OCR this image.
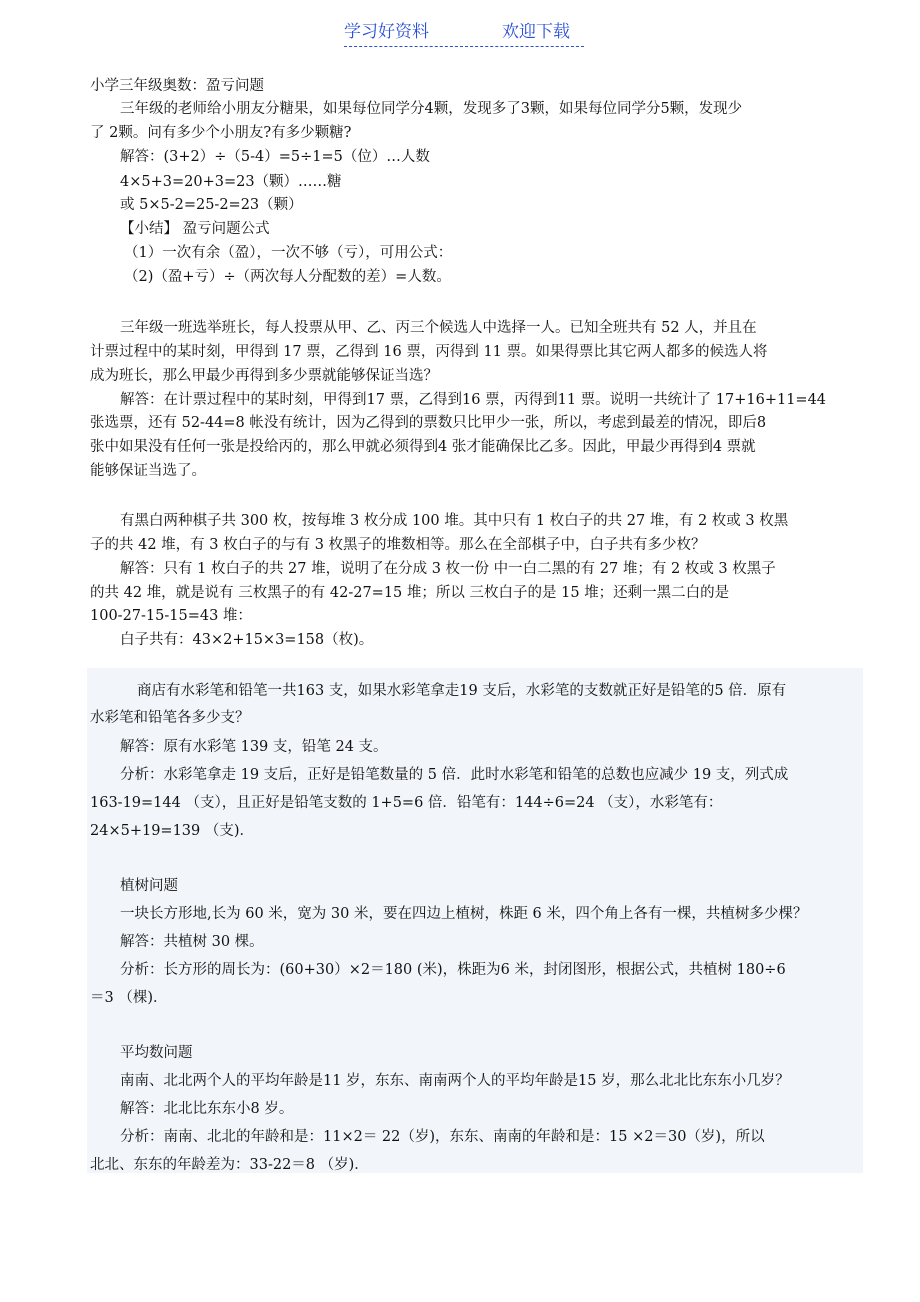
学习好资料	欢迎下载
小学三年级奥数：盈亏问题
三年级的老师给小朋友分糖果，如果每位同学分4颗，发现多了3颗，如果每位同学分5颗，发现少
了 2颗。问有多少个小朋友?有多少颗糖?
解答：(3+2）÷（5-4）=5÷1=5（位）…人数
4×5+3=20+3=23（颗）……糖
或 5×5-2=25-2=23（颗）
【小结】 盈亏问题公式
（1）一次有余（盈），一次不够（亏），可用公式：
（2)（盈+亏）÷（两次每人分配数的差）=人数。
三年级一班选举班长，每人投票从甲、乙、丙三个候选人中选择一人。已知全班共有 52 人，并且在
计票过程中的某时刻，甲得到 17 票，乙得到 16 票，丙得到 11 票。如果得票比其它两人都多的候选人将
成为班长，那么甲最少再得到多少票就能够保证当选？
解答：在计票过程中的某时刻，甲得到17 票，乙得到16 票，丙得到11 票。说明一共统计了 17+16+11=44
张选票，还有 52-44=8 帐没有统计，因为乙得到的票数只比甲少一张，所以，考虑到最差的情况，即后8
张中如果没有任何一张是投给丙的，那么甲就必须得到4 张才能确保比乙多。因此，甲最少再得到4 票就
能够保证当选了。
有黑白两种棋子共 300 枚，按每堆 3 枚分成 100 堆。其中只有 1 枚白子的共 27 堆，有 2 枚或 3 枚黑
子的共 42 堆，有 3 枚白子的与有 3 枚黑子的堆数相等。那么在全部棋子中，白子共有多少枚？
解答：只有 1 枚白子的共 27 堆，说明了在分成 3 枚一份 中一白二黑的有 27 堆；有 2 枚或 3 枚黑子
的共 42 堆，就是说有 三枚黑子的有 42-27=15 堆；所以 三枚白子的是 15 堆；还剩一黑二白的是
100-27-15-15=43 堆：
白子共有：43×2+15×3=158（枚)。
商店有水彩笔和铅笔一共163 支，如果水彩笔拿走19 支后，水彩笔的支数就正好是铅笔的5 倍．原有
水彩笔和铅笔各多少支？
解答：原有水彩笔 139 支，铅笔 24 支。
分析：水彩笔拿走 19 支后，正好是铅笔数量的 5 倍．此时水彩笔和铅笔的总数也应减少 19 支，列式成
163-19=144 （支），且正好是铅笔支数的 1+5=6 倍．铅笔有：144÷6=24 （支），水彩笔有：
24×5+19=139 （支)．
植树问题
一块长方形地,长为 60 米，宽为 30 米，要在四边上植树，株距 6 米，四个角上各有一棵，共植树多少棵？
解答：共植树 30 棵。
分析：长方形的周长为：(60+30）×2＝180 (米)，株距为6 米，封闭图形，根据公式，共植树 180÷6
＝3 （棵)．
平均数问题
南南、北北两个人的平均年龄是11 岁，东东、南南两个人的平均年龄是15 岁，那么北北比东东小几岁？
解答：北北比东东小8 岁。
分析：南南、北北的年龄和是：11×2＝ 22（岁)，东东、南南的年龄和是：15 ×2＝30（岁)，所以
北北、东东的年龄差为：33-22＝8 （岁)．
